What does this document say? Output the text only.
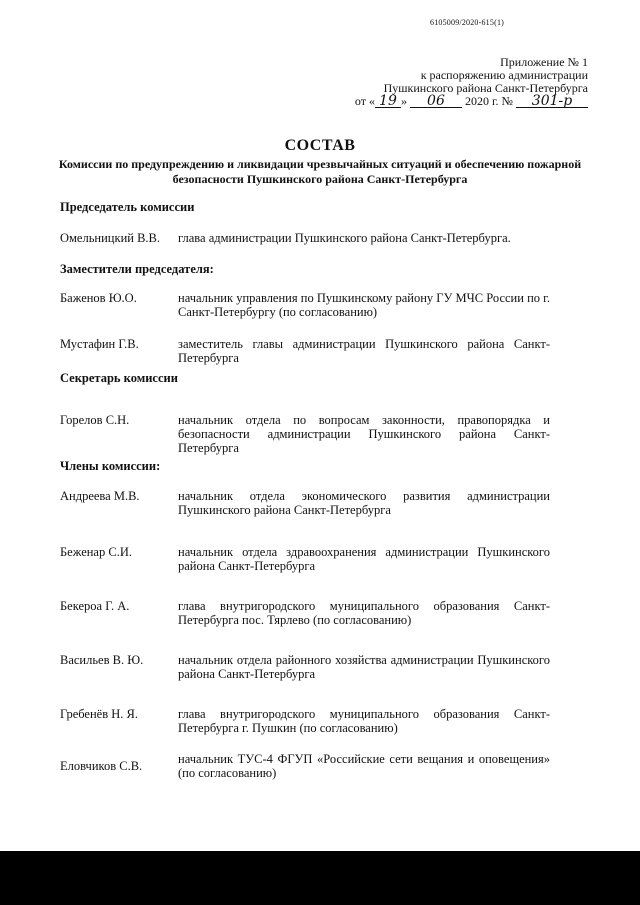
6105009/2020-615(1)
Приложение № 1
к распоряжению администрации
Пушкинского района Санкт-Петербурга
от « 19 » 06 2020 г. № 301-р
СОСТАВ
Комиссии по предупреждению и ликвидации чрезвычайных ситуаций и обеспечению пожарной безопасности Пушкинского района Санкт-Петербурга
Председатель комиссии
Омельницкий В.В. глава администрации Пушкинского района Санкт-Петербурга.
Заместители председателя:
Баженов Ю.О.	начальник управления по Пушкинскому району ГУ МЧС России по г. Санкт-Петербургу (по согласованию)
Мустафин Г.В.	заместитель главы администрации Пушкинского района Санкт-Петербурга
Секретарь комиссии
Горелов С.Н.	начальник отдела по вопросам законности, правопорядка и безопасности администрации Пушкинского района Санкт-Петербурга
Члены комиссии:
Андреева М.В.	начальник отдела экономического развития администрации Пушкинского района Санкт-Петербурга
Беженар С.И.	начальник отдела здравоохранения администрации Пушкинского района Санкт-Петербурга
Бекероа Г. А.	глава внутригородского муниципального образования Санкт-Петербурга пос. Тярлево (по согласованию)
Васильев В. Ю.	начальник отдела районного хозяйства администрации Пушкинского района Санкт-Петербурга
Гребенёв Н. Я.	глава внутригородского муниципального образования Санкт-Петербурга г. Пушкин (по согласованию)
Еловчиков С.В.	начальник ТУС-4 ФГУП «Российские сети вещания и оповещения» (по согласованию)
